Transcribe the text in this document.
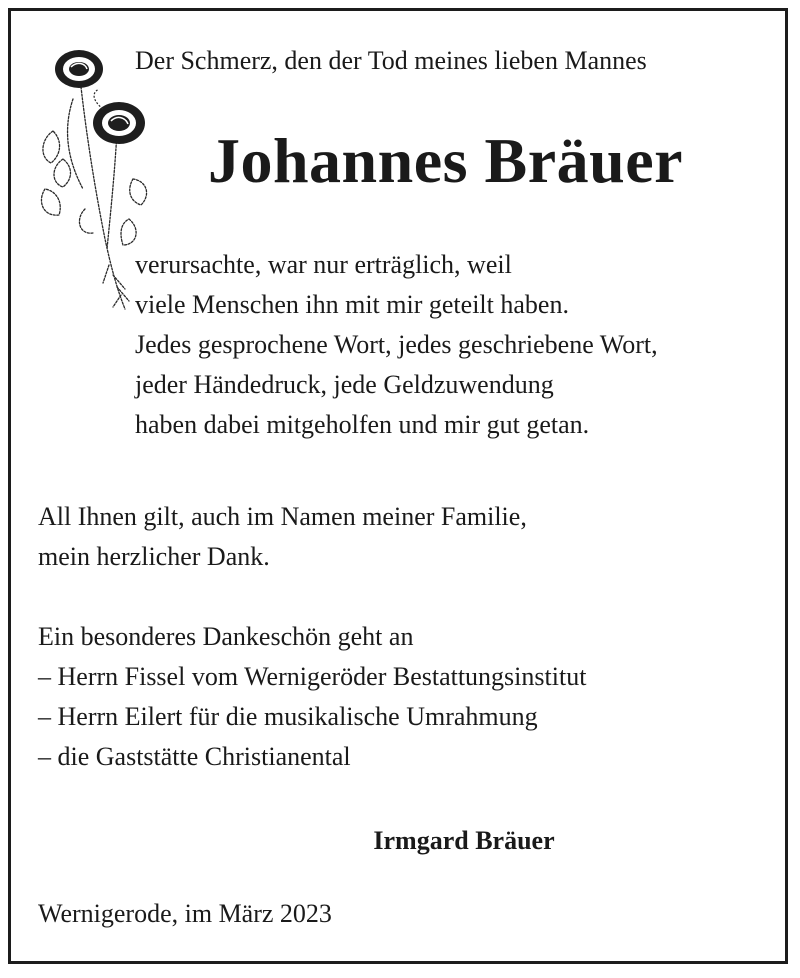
Der Schmerz, den der Tod meines lieben Mannes
Johannes Bräuer
verursachte, war nur erträglich, weil
viele Menschen ihn mit mir geteilt haben.
Jedes gesprochene Wort, jedes geschriebene Wort,
jeder Händedruck, jede Geldzuwendung
haben dabei mitgeholfen und mir gut getan.
All Ihnen gilt, auch im Namen meiner Familie,
mein herzlicher Dank.
Ein besonderes Dankeschön geht an
– Herrn Fissel vom Wernigeröder Bestattungsinstitut
– Herrn Eilert für die musikalische Umrahmung
– die Gaststätte Christianental
Irmgard Bräuer
Wernigerode, im März 2023
